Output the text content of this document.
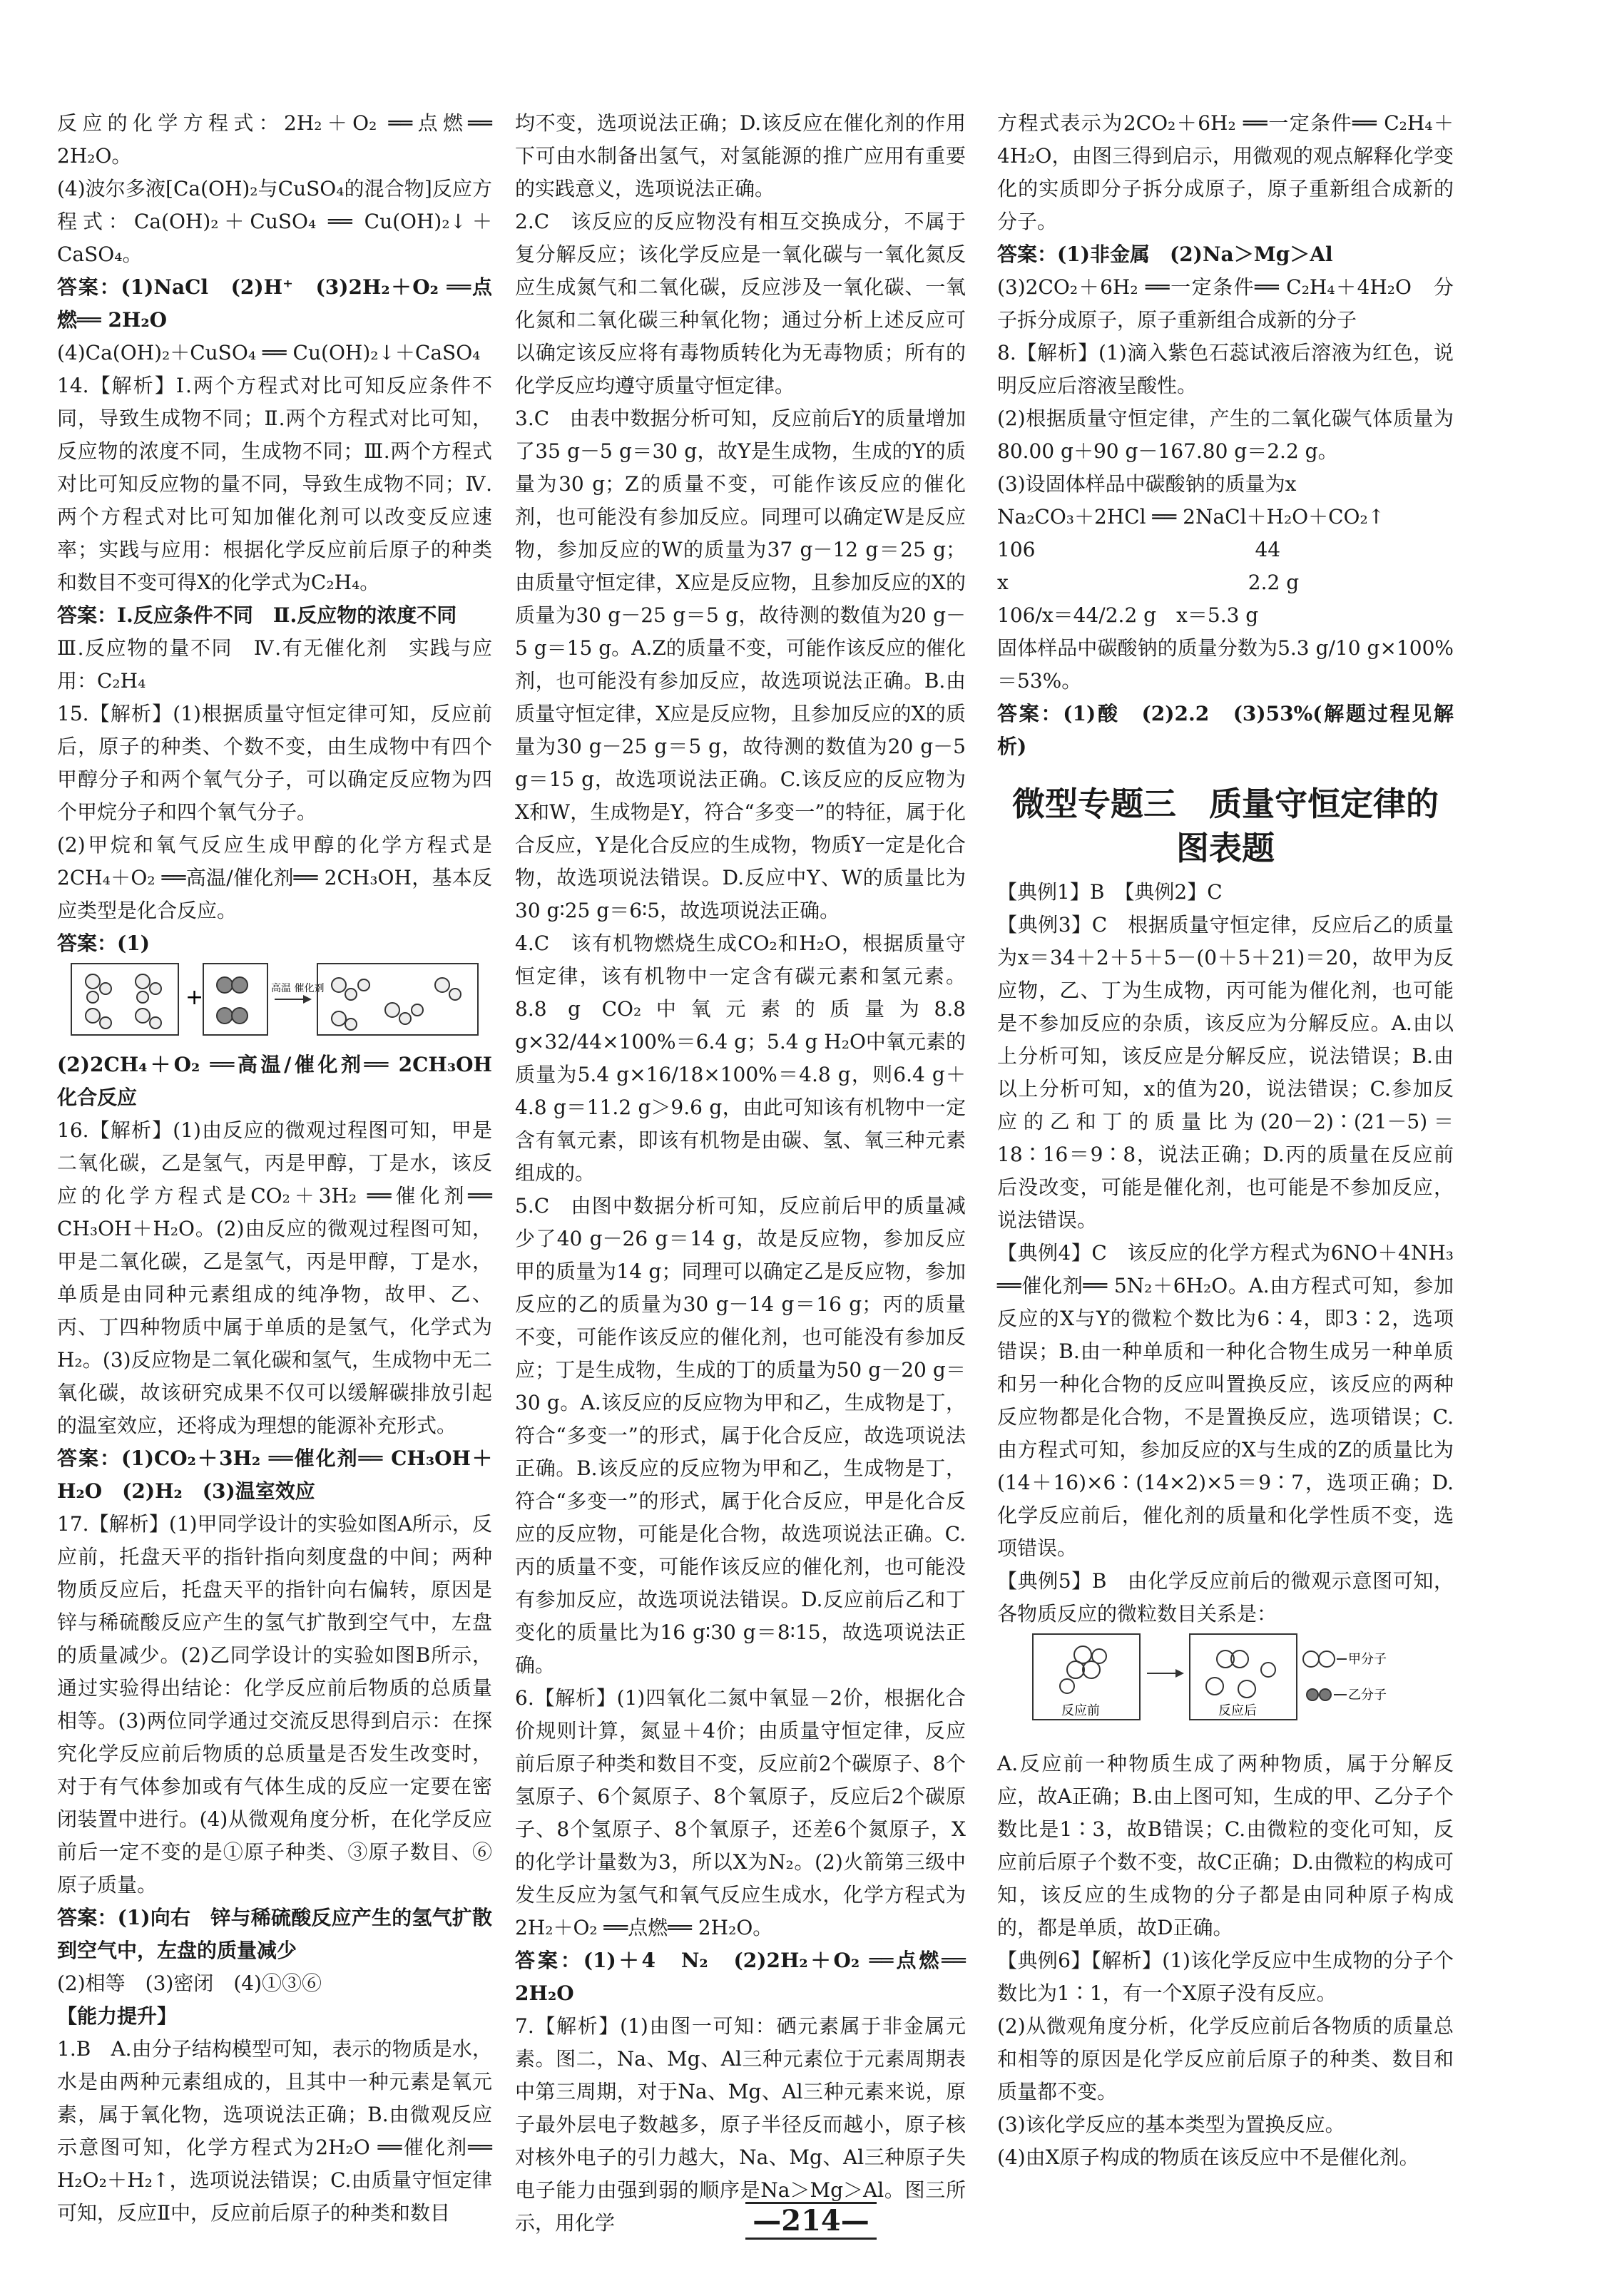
反应的化学方程式：2H₂＋O₂ ══点燃══ 2H₂O。

(4)波尔多液[Ca(OH)₂与CuSO₄的混合物]反应方程式：Ca(OH)₂＋CuSO₄ ══ Cu(OH)₂↓＋CaSO₄。

答案：(1)NaCl　(2)H⁺　(3)2H₂＋O₂ ══点燃══ 2H₂O

(4)Ca(OH)₂＋CuSO₄ ══ Cu(OH)₂↓＋CaSO₄

14.【解析】Ⅰ.两个方程式对比可知反应条件不同，导致生成物不同；Ⅱ.两个方程式对比可知，反应物的浓度不同，生成物不同；Ⅲ.两个方程式对比可知反应物的量不同，导致生成物不同；Ⅳ.两个方程式对比可知加催化剂可以改变反应速率；实践与应用：根据化学反应前后原子的种类和数目不变可得X的化学式为C₂H₄。

答案：Ⅰ.反应条件不同　Ⅱ.反应物的浓度不同

Ⅲ.反应物的量不同　Ⅳ.有无催化剂　实践与应用：C₂H₄

15.【解析】(1)根据质量守恒定律可知，反应前后，原子的种类、个数不变，由生成物中有四个甲醇分子和两个氧气分子，可以确定反应物为四个甲烷分子和四个氧气分子。

(2)甲烷和氧气反应生成甲醇的化学方程式是2CH₄＋O₂ ══高温/催化剂══ 2CH₃OH，基本反应类型是化合反应。

答案：(1)

+	高温 催化剂

(2)2CH₄＋O₂ ══高温/催化剂══ 2CH₃OH　化合反应

16.【解析】(1)由反应的微观过程图可知，甲是二氧化碳，乙是氢气，丙是甲醇，丁是水，该反应的化学方程式是CO₂＋3H₂ ══催化剂══ CH₃OH＋H₂O。(2)由反应的微观过程图可知，甲是二氧化碳，乙是氢气，丙是甲醇，丁是水，单质是由同种元素组成的纯净物，故甲、乙、丙、丁四种物质中属于单质的是氢气，化学式为H₂。(3)反应物是二氧化碳和氢气，生成物中无二氧化碳，故该研究成果不仅可以缓解碳排放引起的温室效应，还将成为理想的能源补充形式。

答案：(1)CO₂＋3H₂ ══催化剂══ CH₃OH＋H₂O　(2)H₂　(3)温室效应

17.【解析】(1)甲同学设计的实验如图A所示，反应前，托盘天平的指针指向刻度盘的中间；两种物质反应后，托盘天平的指针向右偏转，原因是锌与稀硫酸反应产生的氢气扩散到空气中，左盘的质量减少。(2)乙同学设计的实验如图B所示，通过实验得出结论：化学反应前后物质的总质量相等。(3)两位同学通过交流反思得到启示：在探究化学反应前后物质的总质量是否发生改变时，对于有气体参加或有气体生成的反应一定要在密闭装置中进行。(4)从微观角度分析，在化学反应前后一定不变的是①原子种类、③原子数目、⑥原子质量。

答案：(1)向右　锌与稀硫酸反应产生的氢气扩散到空气中，左盘的质量减少

(2)相等　(3)密闭　(4)①③⑥

【能力提升】

1.B　A.由分子结构模型可知，表示的物质是水，水是由两种元素组成的，且其中一种元素是氧元素，属于氧化物，选项说法正确；B.由微观反应示意图可知，化学方程式为2H₂O ══催化剂══ H₂O₂＋H₂↑，选项说法错误；C.由质量守恒定律可知，反应Ⅱ中，反应前后原子的种类和数目

均不变，选项说法正确；D.该反应在催化剂的作用下可由水制备出氢气，对氢能源的推广应用有重要的实践意义，选项说法正确。

2.C　该反应的反应物没有相互交换成分，不属于复分解反应；该化学反应是一氧化碳与一氧化氮反应生成氮气和二氧化碳，反应涉及一氧化碳、一氧化氮和二氧化碳三种氧化物；通过分析上述反应可以确定该反应将有毒物质转化为无毒物质；所有的化学反应均遵守质量守恒定律。

3.C　由表中数据分析可知，反应前后Y的质量增加了35 g－5 g＝30 g，故Y是生成物，生成的Y的质量为30 g；Z的质量不变，可能作该反应的催化剂，也可能没有参加反应。同理可以确定W是反应物，参加反应的W的质量为37 g－12 g＝25 g；由质量守恒定律，X应是反应物，且参加反应的X的质量为30 g－25 g＝5 g，故待测的数值为20 g－5 g＝15 g。A.Z的质量不变，可能作该反应的催化剂，也可能没有参加反应，故选项说法正确。B.由质量守恒定律，X应是反应物，且参加反应的X的质量为30 g－25 g＝5 g，故待测的数值为20 g－5 g＝15 g，故选项说法正确。C.该反应的反应物为X和W，生成物是Y，符合“多变一”的特征，属于化合反应，Y是化合反应的生成物，物质Y一定是化合物，故选项说法错误。D.反应中Y、W的质量比为30 g∶25 g＝6∶5，故选项说法正确。

4.C　该有机物燃烧生成CO₂和H₂O，根据质量守恒定律，该有机物中一定含有碳元素和氢元素。8.8 g CO₂中氧元素的质量为8.8 g×32/44×100%＝6.4 g；5.4 g H₂O中氧元素的质量为5.4 g×16/18×100%＝4.8 g，则6.4 g＋4.8 g＝11.2 g＞9.6 g，由此可知该有机物中一定含有氧元素，即该有机物是由碳、氢、氧三种元素组成的。

5.C　由图中数据分析可知，反应前后甲的质量减少了40 g－26 g＝14 g，故是反应物，参加反应甲的质量为14 g；同理可以确定乙是反应物，参加反应的乙的质量为30 g－14 g＝16 g；丙的质量不变，可能作该反应的催化剂，也可能没有参加反应；丁是生成物，生成的丁的质量为50 g－20 g＝30 g。A.该反应的反应物为甲和乙，生成物是丁，符合“多变一”的形式，属于化合反应，故选项说法正确。B.该反应的反应物为甲和乙，生成物是丁，符合“多变一”的形式，属于化合反应，甲是化合反应的反应物，可能是化合物，故选项说法正确。C.丙的质量不变，可能作该反应的催化剂，也可能没有参加反应，故选项说法错误。D.反应前后乙和丁变化的质量比为16 g∶30 g＝8∶15，故选项说法正确。

6.【解析】(1)四氧化二氮中氧显－2价，根据化合价规则计算，氮显＋4价；由质量守恒定律，反应前后原子种类和数目不变，反应前2个碳原子、8个氢原子、6个氮原子、8个氧原子，反应后2个碳原子、8个氢原子、8个氧原子，还差6个氮原子，X的化学计量数为3，所以X为N₂。(2)火箭第三级中发生反应为氢气和氧气反应生成水，化学方程式为2H₂＋O₂ ══点燃══ 2H₂O。

答案：(1)＋4　N₂　(2)2H₂＋O₂ ══点燃══ 2H₂O

7.【解析】(1)由图一可知：硒元素属于非金属元素。图二，Na、Mg、Al三种元素位于元素周期表中第三周期，对于Na、Mg、Al三种元素来说，原子最外层电子数越多，原子半径反而越小，原子核对核外电子的引力越大，Na、Mg、Al三种原子失电子能力由强到弱的顺序是Na＞Mg＞Al。图三所示，用化学

方程式表示为2CO₂＋6H₂ ══一定条件══ C₂H₄＋4H₂O，由图三得到启示，用微观的观点解释化学变化的实质即分子拆分成原子，原子重新组合成新的分子。

答案：(1)非金属　(2)Na＞Mg＞Al

(3)2CO₂＋6H₂ ══一定条件══ C₂H₄＋4H₂O　分子拆分成原子，原子重新组合成新的分子

8.【解析】(1)滴入紫色石蕊试液后溶液为红色，说明反应后溶液呈酸性。

(2)根据质量守恒定律，产生的二氧化碳气体质量为80.00 g＋90 g－167.80 g＝2.2 g。

(3)设固体样品中碳酸钠的质量为x

Na₂CO₃＋2HCl ══ 2NaCl＋H₂O＋CO₂↑

106　　　　　　　　　　　44

x　　　　　　　　　　　　2.2 g

106/x＝44/2.2 g　x＝5.3 g

固体样品中碳酸钠的质量分数为5.3 g/10 g×100%＝53%。

答案：(1)酸　(2)2.2　(3)53%(解题过程见解析)

微型专题三　质量守恒定律的
图表题

【典例1】B　【典例2】C

【典例3】C　根据质量守恒定律，反应后乙的质量为x＝34＋2＋5＋5－(0＋5＋21)＝20，故甲为反应物，乙、丁为生成物，丙可能为催化剂，也可能是不参加反应的杂质，该反应为分解反应。A.由以上分析可知，该反应是分解反应，说法错误；B.由以上分析可知，x的值为20，说法错误；C.参加反应的乙和丁的质量比为(20－2)∶(21－5)＝18∶16＝9∶8，说法正确；D.丙的质量在反应前后没改变，可能是催化剂，也可能是不参加反应，说法错误。

【典例4】C　该反应的化学方程式为6NO＋4NH₃ ══催化剂══ 5N₂＋6H₂O。A.由方程式可知，参加反应的X与Y的微粒个数比为6∶4，即3∶2，选项错误；B.由一种单质和一种化合物生成另一种单质和另一种化合物的反应叫置换反应，该反应的两种反应物都是化合物，不是置换反应，选项错误；C.由方程式可知，参加反应的X与生成的Z的质量比为(14＋16)×6∶(14×2)×5＝9∶7，选项正确；D.化学反应前后，催化剂的质量和化学性质不变，选项错误。

【典例5】B　由化学反应前后的微观示意图可知，各物质反应的微粒数目关系是：

反应前	反应后
甲分子
乙分子

A.反应前一种物质生成了两种物质，属于分解反应，故A正确；B.由上图可知，生成的甲、乙分子个数比是1∶3，故B错误；C.由微粒的变化可知，反应前后原子个数不变，故C正确；D.由微粒的构成可知，该反应的生成物的分子都是由同种原子构成的，都是单质，故D正确。

【典例6】【解析】(1)该化学反应中生成物的分子个数比为1∶1，有一个X原子没有反应。

(2)从微观角度分析，化学反应前后各物质的质量总和相等的原因是化学反应前后原子的种类、数目和质量都不变。

(3)该化学反应的基本类型为置换反应。

(4)由X原子构成的物质在该反应中不是催化剂。

—214—
